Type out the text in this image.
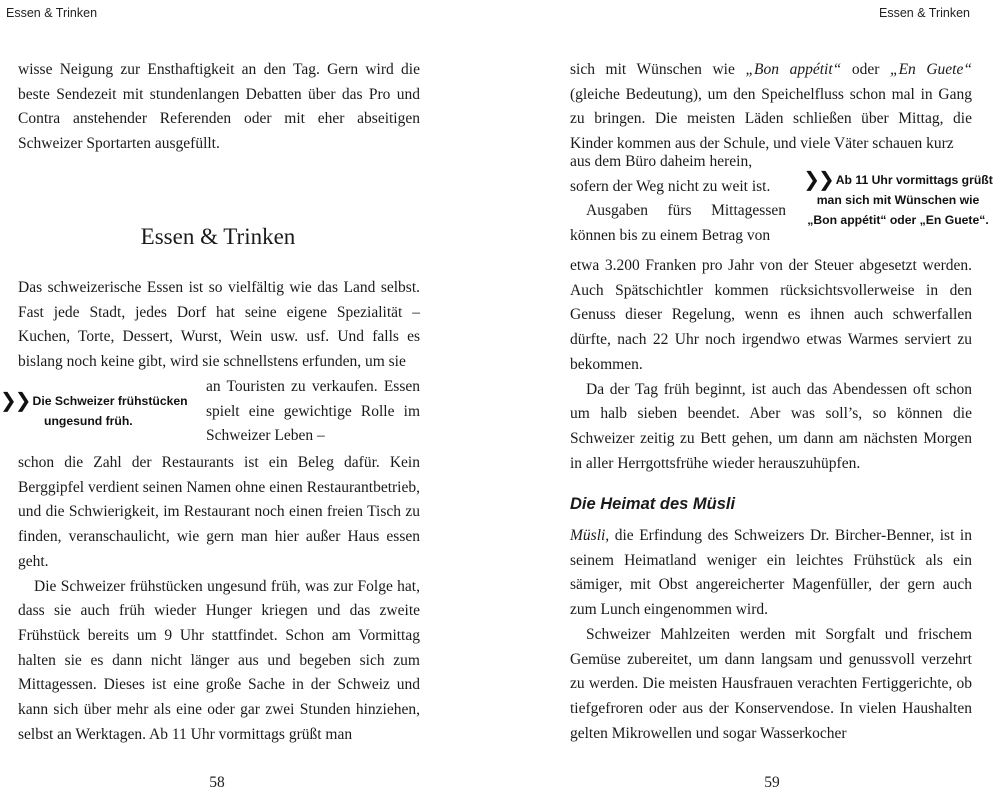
Essen & Trinken

wisse Neigung zur Ensthaftigkeit an den Tag. Gern wird die beste Sendezeit mit stundenlangen Debatten über das Pro und Contra anstehender Referenden oder mit eher abseitigen Schweizer Sportarten ausgefüllt.

Essen & Trinken

Das schweizerische Essen ist so vielfältig wie das Land selbst. Fast jede Stadt, jedes Dorf hat seine eigene Spezialität – Kuchen, Torte, Dessert, Wurst, Wein usw. usf. Und falls es bislang noch keine gibt, wird sie schnellstens erfunden, um sie

❯❯ Die Schweizer frühstücken
ungesund früh.

an Touristen zu verkaufen. Essen spielt eine gewichtige Rolle im Schweizer Leben –

schon die Zahl der Restaurants ist ein Beleg dafür. Kein Berggipfel verdient seinen Namen ohne einen Restaurantbetrieb, und die Schwierigkeit, im Restaurant noch einen freien Tisch zu finden, veranschaulicht, wie gern man hier außer Haus essen geht.

Die Schweizer frühstücken ungesund früh, was zur Folge hat, dass sie auch früh wieder Hunger kriegen und das zweite Frühstück bereits um 9 Uhr stattfindet. Schon am Vormittag halten sie es dann nicht länger aus und begeben sich zum Mittagessen. Dieses ist eine große Sache in der Schweiz und kann sich über mehr als eine oder gar zwei Stunden hinziehen, selbst an Werktagen. Ab 11 Uhr vormittags grüßt man

58
Essen & Trinken

sich mit Wünschen wie „Bon appétit“ oder „En Guete“ (gleiche Bedeutung), um den Speichelfluss schon mal in Gang zu bringen. Die meisten Läden schließen über Mittag, die Kinder kommen aus der Schule, und viele Väter schauen kurz

aus dem Büro daheim herein, sofern der Weg nicht zu weit ist.

Ausgaben fürs Mittagessen können bis zu einem Betrag von

❯❯ Ab 11 Uhr vormittags grüßt
man sich mit Wünschen wie
„Bon appétit“ oder „En Guete“.

etwa 3.200 Franken pro Jahr von der Steuer abgesetzt werden. Auch Spätschichtler kommen rücksichtsvollerweise in den Genuss dieser Regelung, wenn es ihnen auch schwerfallen dürfte, nach 22 Uhr noch irgendwo etwas Warmes serviert zu bekommen.

Da der Tag früh beginnt, ist auch das Abendessen oft schon um halb sieben beendet. Aber was soll’s, so können die Schweizer zeitig zu Bett gehen, um dann am nächsten Morgen in aller Herrgottsfrühe wieder herauszuhüpfen.

Die Heimat des Müsli

Müsli, die Erfindung des Schweizers Dr. Bircher-Benner, ist in seinem Heimatland weniger ein leichtes Frühstück als ein sämiger, mit Obst angereicherter Magenfüller, der gern auch zum Lunch eingenommen wird.

Schweizer Mahlzeiten werden mit Sorgfalt und frischem Gemüse zubereitet, um dann langsam und genussvoll verzehrt zu werden. Die meisten Hausfrauen verachten Fertiggerichte, ob tiefgefroren oder aus der Konservendose. In vielen Haushalten gelten Mikrowellen und sogar Wasserkocher

59
